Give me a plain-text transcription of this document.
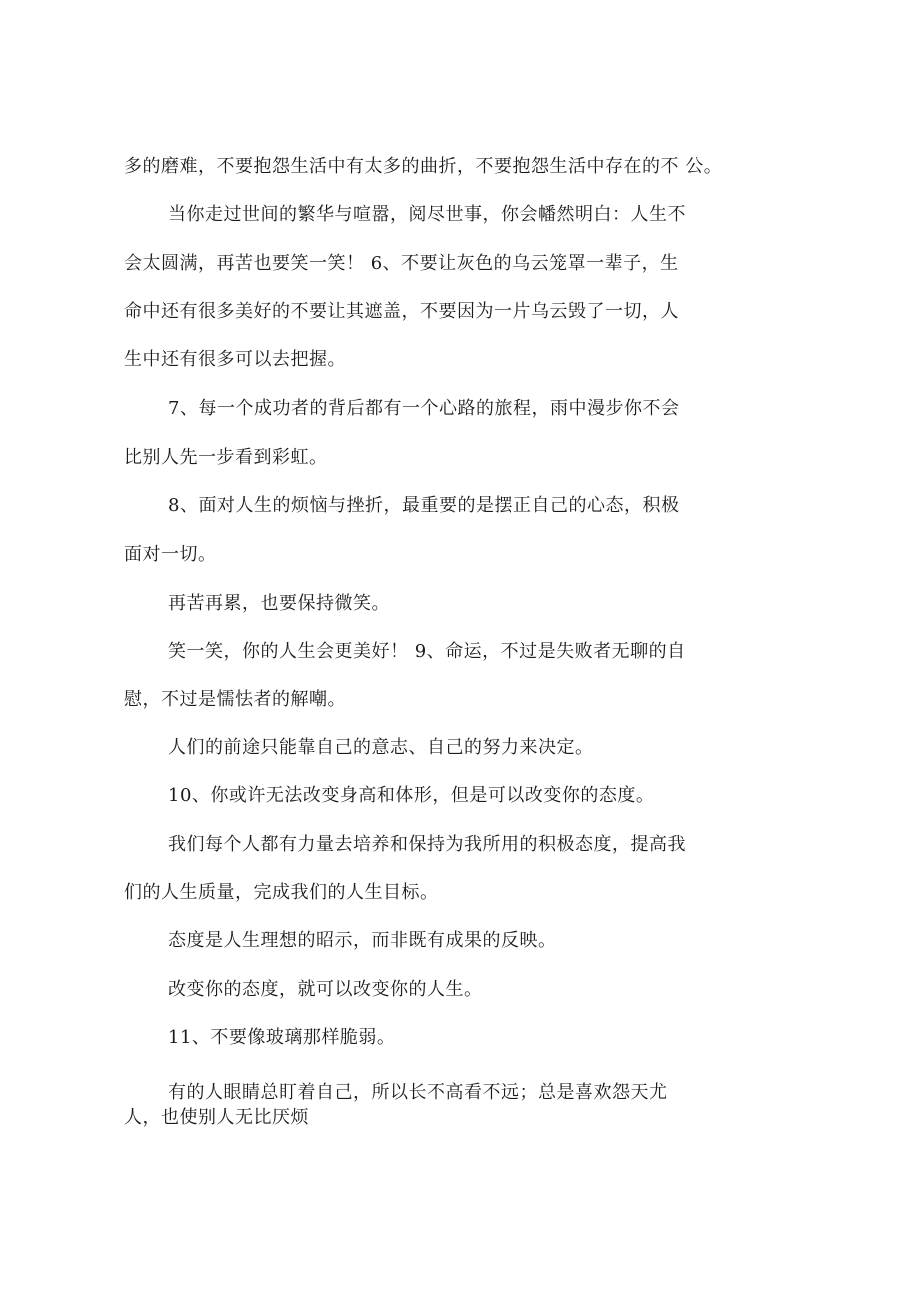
多的磨难，不要抱怨生活中有太多的曲折，不要抱怨生活中存在的不 公。
当你走过世间的繁华与喧嚣，阅尽世事，你会幡然明白：人生不
会太圆满，再苦也要笑一笑！ 6、不要让灰色的乌云笼罩一辈子，生
命中还有很多美好的不要让其遮盖，不要因为一片乌云毁了一切，人
生中还有很多可以去把握。
7、每一个成功者的背后都有一个心路的旅程，雨中漫步你不会
比别人先一步看到彩虹。
8、面对人生的烦恼与挫折，最重要的是摆正自己的心态，积极
面对一切。
再苦再累，也要保持微笑。
笑一笑，你的人生会更美好！ 9、命运，不过是失败者无聊的自
慰，不过是懦怯者的解嘲。
人们的前途只能靠自己的意志、自己的努力来决定。
10、你或许无法改变身高和体形，但是可以改变你的态度。
我们每个人都有力量去培养和保持为我所用的积极态度，提高我
们的人生质量，完成我们的人生目标。
态度是人生理想的昭示，而非既有成果的反映。
改变你的态度，就可以改变你的人生。
11、不要像玻璃那样脆弱。
有的人眼睛总盯着自己，所以长不高看不远；总是喜欢怨天尤
人，也使别人无比厌烦
